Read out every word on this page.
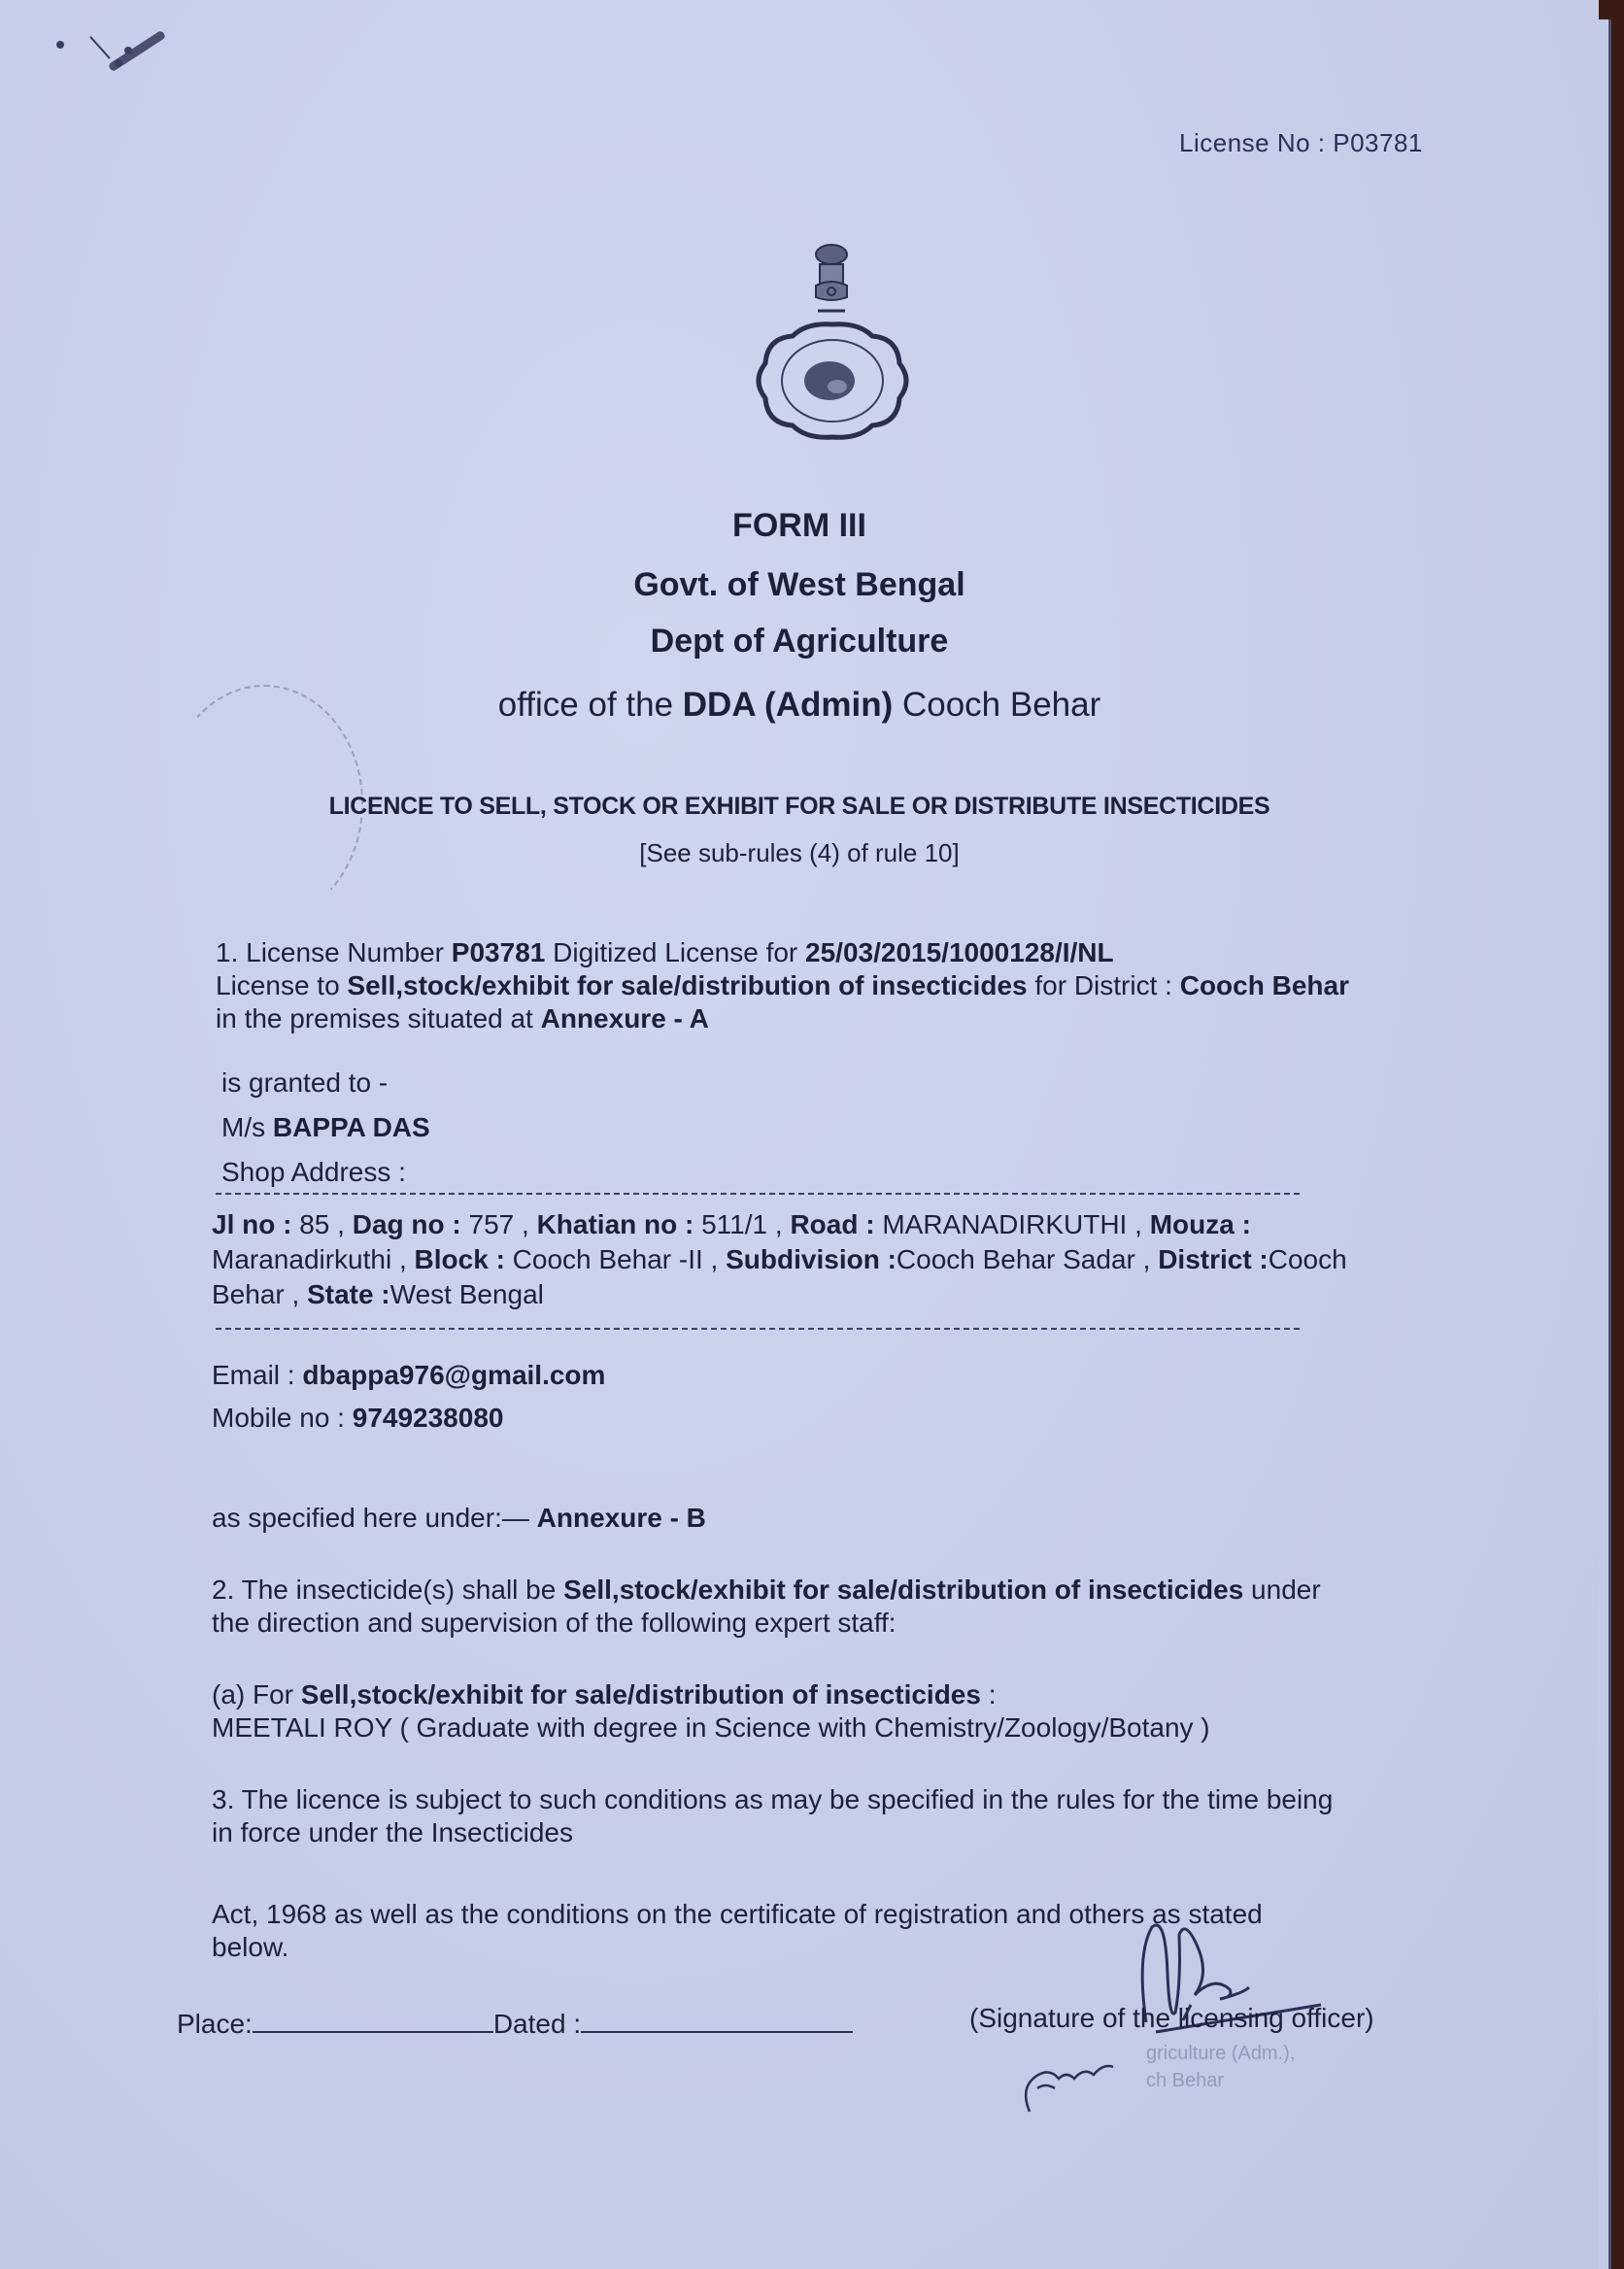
License No : P03781
FORM III
Govt. of West Bengal
Dept of Agriculture
office of the DDA (Admin) Cooch Behar
LICENCE TO SELL, STOCK OR EXHIBIT FOR SALE OR DISTRIBUTE INSECTICIDES
[See sub-rules (4) of rule 10]
1. License Number P03781 Digitized License for 25/03/2015/1000128/I/NL
License to Sell,stock/exhibit for sale/distribution of insecticides for District : Cooch Behar
in the premises situated at Annexure - A
is granted to -
M/s BAPPA DAS
Shop Address :
Jl no : 85 , Dag no : 757 , Khatian no : 511/1 , Road : MARANADIRKUTHI , Mouza :
Maranadirkuthi , Block : Cooch Behar -II , Subdivision :Cooch Behar Sadar , District :Cooch
Behar , State :West Bengal
Email : dbappa976@gmail.com
Mobile no : 9749238080
as specified here under:— Annexure - B
2. The insecticide(s) shall be Sell,stock/exhibit for sale/distribution of insecticides under
the direction and supervision of the following expert staff:
(a) For Sell,stock/exhibit for sale/distribution of insecticides :
MEETALI ROY ( Graduate with degree in Science with Chemistry/Zoology/Botany )
3. The licence is subject to such conditions as may be specified in the rules for the time being
in force under the Insecticides
Act, 1968 as well as the conditions on the certificate of registration and others as stated
below.
Place:	Dated :	(Signature of the licensing officer)
griculture (Adm.),
ch Behar
